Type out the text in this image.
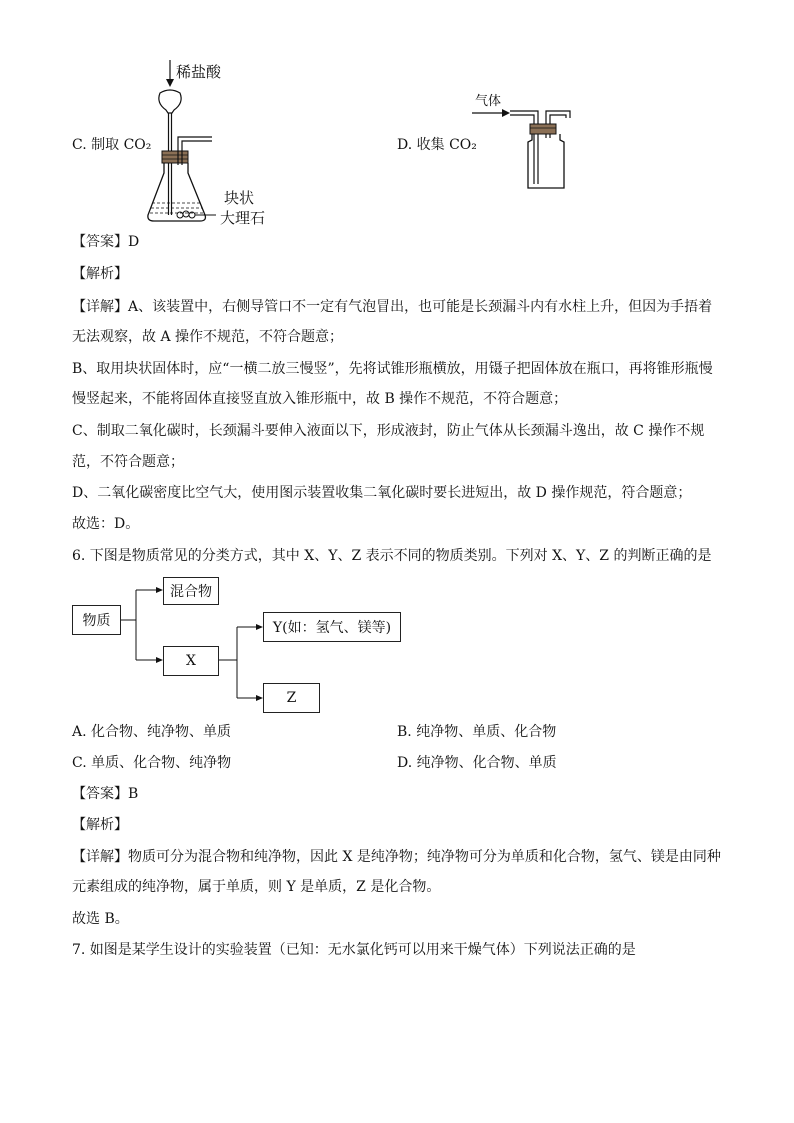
稀盐酸
块状
大理石
C. 制取 CO₂
气体
D. 收集 CO₂
【答案】D
【解析】
【详解】A、该装置中，右侧导管口不一定有气泡冒出，也可能是长颈漏斗内有水柱上升，但因为手捂着
无法观察，故 A 操作不规范，不符合题意；
B、取用块状固体时，应“一横二放三慢竖”，先将试锥形瓶横放，用镊子把固体放在瓶口，再将锥形瓶慢
慢竖起来，不能将固体直接竖直放入锥形瓶中，故 B 操作不规范，不符合题意；
C、制取二氧化碳时，长颈漏斗要伸入液面以下，形成液封，防止气体从长颈漏斗逸出，故 C 操作不规
范，不符合题意；
D、二氧化碳密度比空气大，使用图示装置收集二氧化碳时要长进短出，故 D 操作规范，符合题意；
故选：D。
6. 下图是物质常见的分类方式，其中 X、Y、Z 表示不同的物质类别。下列对 X、Y、Z 的判断正确的是
物质
混合物
X
Y(如：氢气、镁等)
Z
A. 化合物、纯净物、单质	B. 纯净物、单质、化合物
C. 单质、化合物、纯净物	D. 纯净物、化合物、单质
【答案】B
【解析】
【详解】物质可分为混合物和纯净物，因此 X 是纯净物；纯净物可分为单质和化合物，氢气、镁是由同种
元素组成的纯净物，属于单质，则 Y 是单质，Z 是化合物。
故选 B。
7. 如图是某学生设计的实验装置（已知：无水氯化钙可以用来干燥气体）下列说法正确的是
